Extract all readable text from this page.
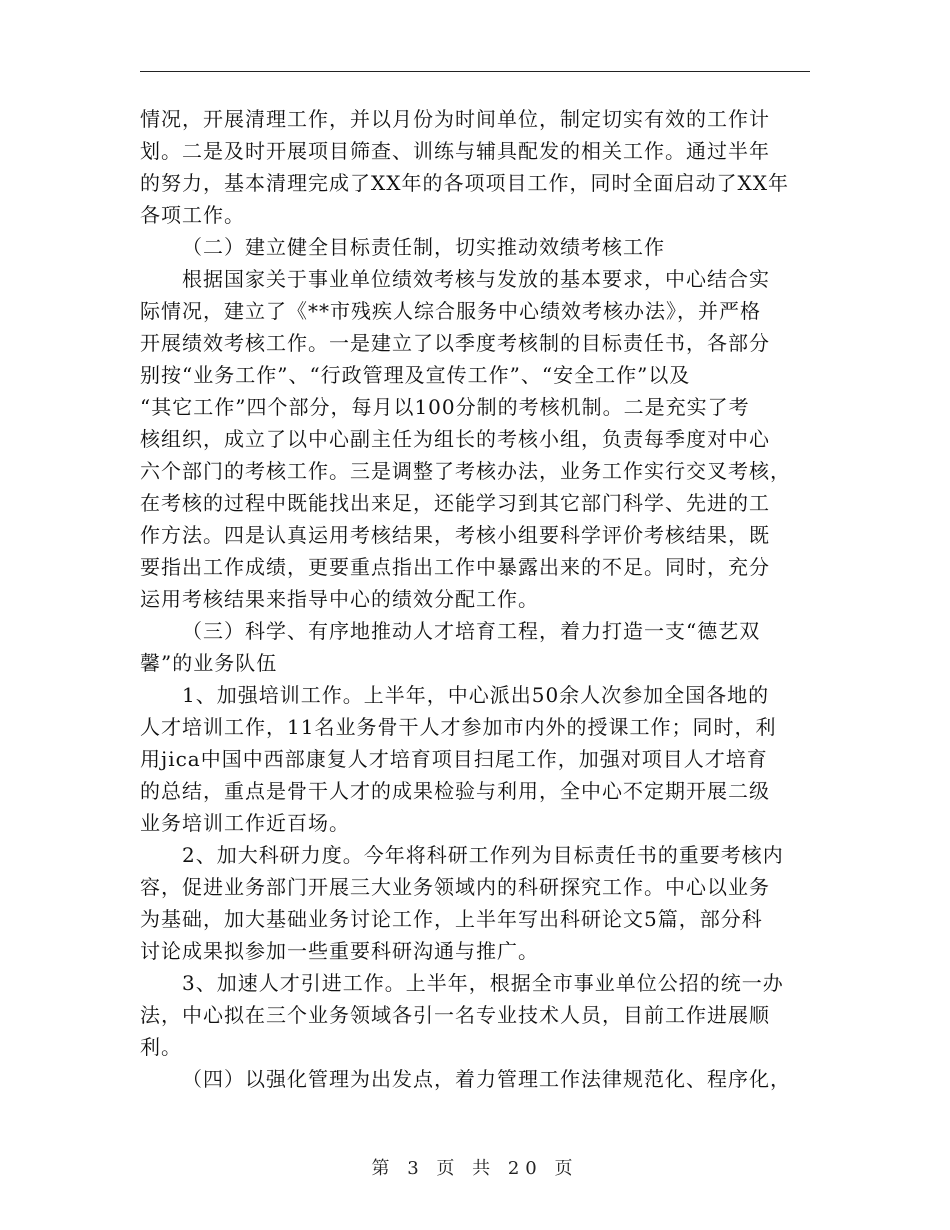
情况，开展清理工作，并以月份为时间单位，制定切实有效的工作计
划。二是及时开展项目筛查、训练与辅具配发的相关工作。通过半年
的努力，基本清理完成了XX年的各项项目工作，同时全面启动了XX年
各项工作。
（二）建立健全目标责任制，切实推动效绩考核工作
根据国家关于事业单位绩效考核与发放的基本要求，中心结合实
际情况，建立了《**市残疾人综合服务中心绩效考核办法》，并严格
开展绩效考核工作。一是建立了以季度考核制的目标责任书，各部分
别按“业务工作”、“行政管理及宣传工作”、“安全工作”以及
“其它工作”四个部分，每月以100分制的考核机制。二是充实了考
核组织，成立了以中心副主任为组长的考核小组，负责每季度对中心
六个部门的考核工作。三是调整了考核办法，业务工作实行交叉考核，
在考核的过程中既能找出来足，还能学习到其它部门科学、先进的工
作方法。四是认真运用考核结果，考核小组要科学评价考核结果，既
要指出工作成绩，更要重点指出工作中暴露出来的不足。同时，充分
运用考核结果来指导中心的绩效分配工作。
（三）科学、有序地推动人才培育工程，着力打造一支“德艺双
馨”的业务队伍
1、加强培训工作。上半年，中心派出50余人次参加全国各地的
人才培训工作，11名业务骨干人才参加市内外的授课工作；同时，利
用jica中国中西部康复人才培育项目扫尾工作，加强对项目人才培育
的总结，重点是骨干人才的成果检验与利用，全中心不定期开展二级
业务培训工作近百场。
2、加大科研力度。今年将科研工作列为目标责任书的重要考核内
容，促进业务部门开展三大业务领域内的科研探究工作。中心以业务
为基础，加大基础业务讨论工作，上半年写出科研论文5篇，部分科
讨论成果拟参加一些重要科研沟通与推广。
3、加速人才引进工作。上半年，根据全市事业单位公招的统一办
法，中心拟在三个业务领域各引一名专业技术人员，目前工作进展顺
利。
（四）以强化管理为出发点，着力管理工作法律规范化、程序化，
第 3 页 共 20 页
